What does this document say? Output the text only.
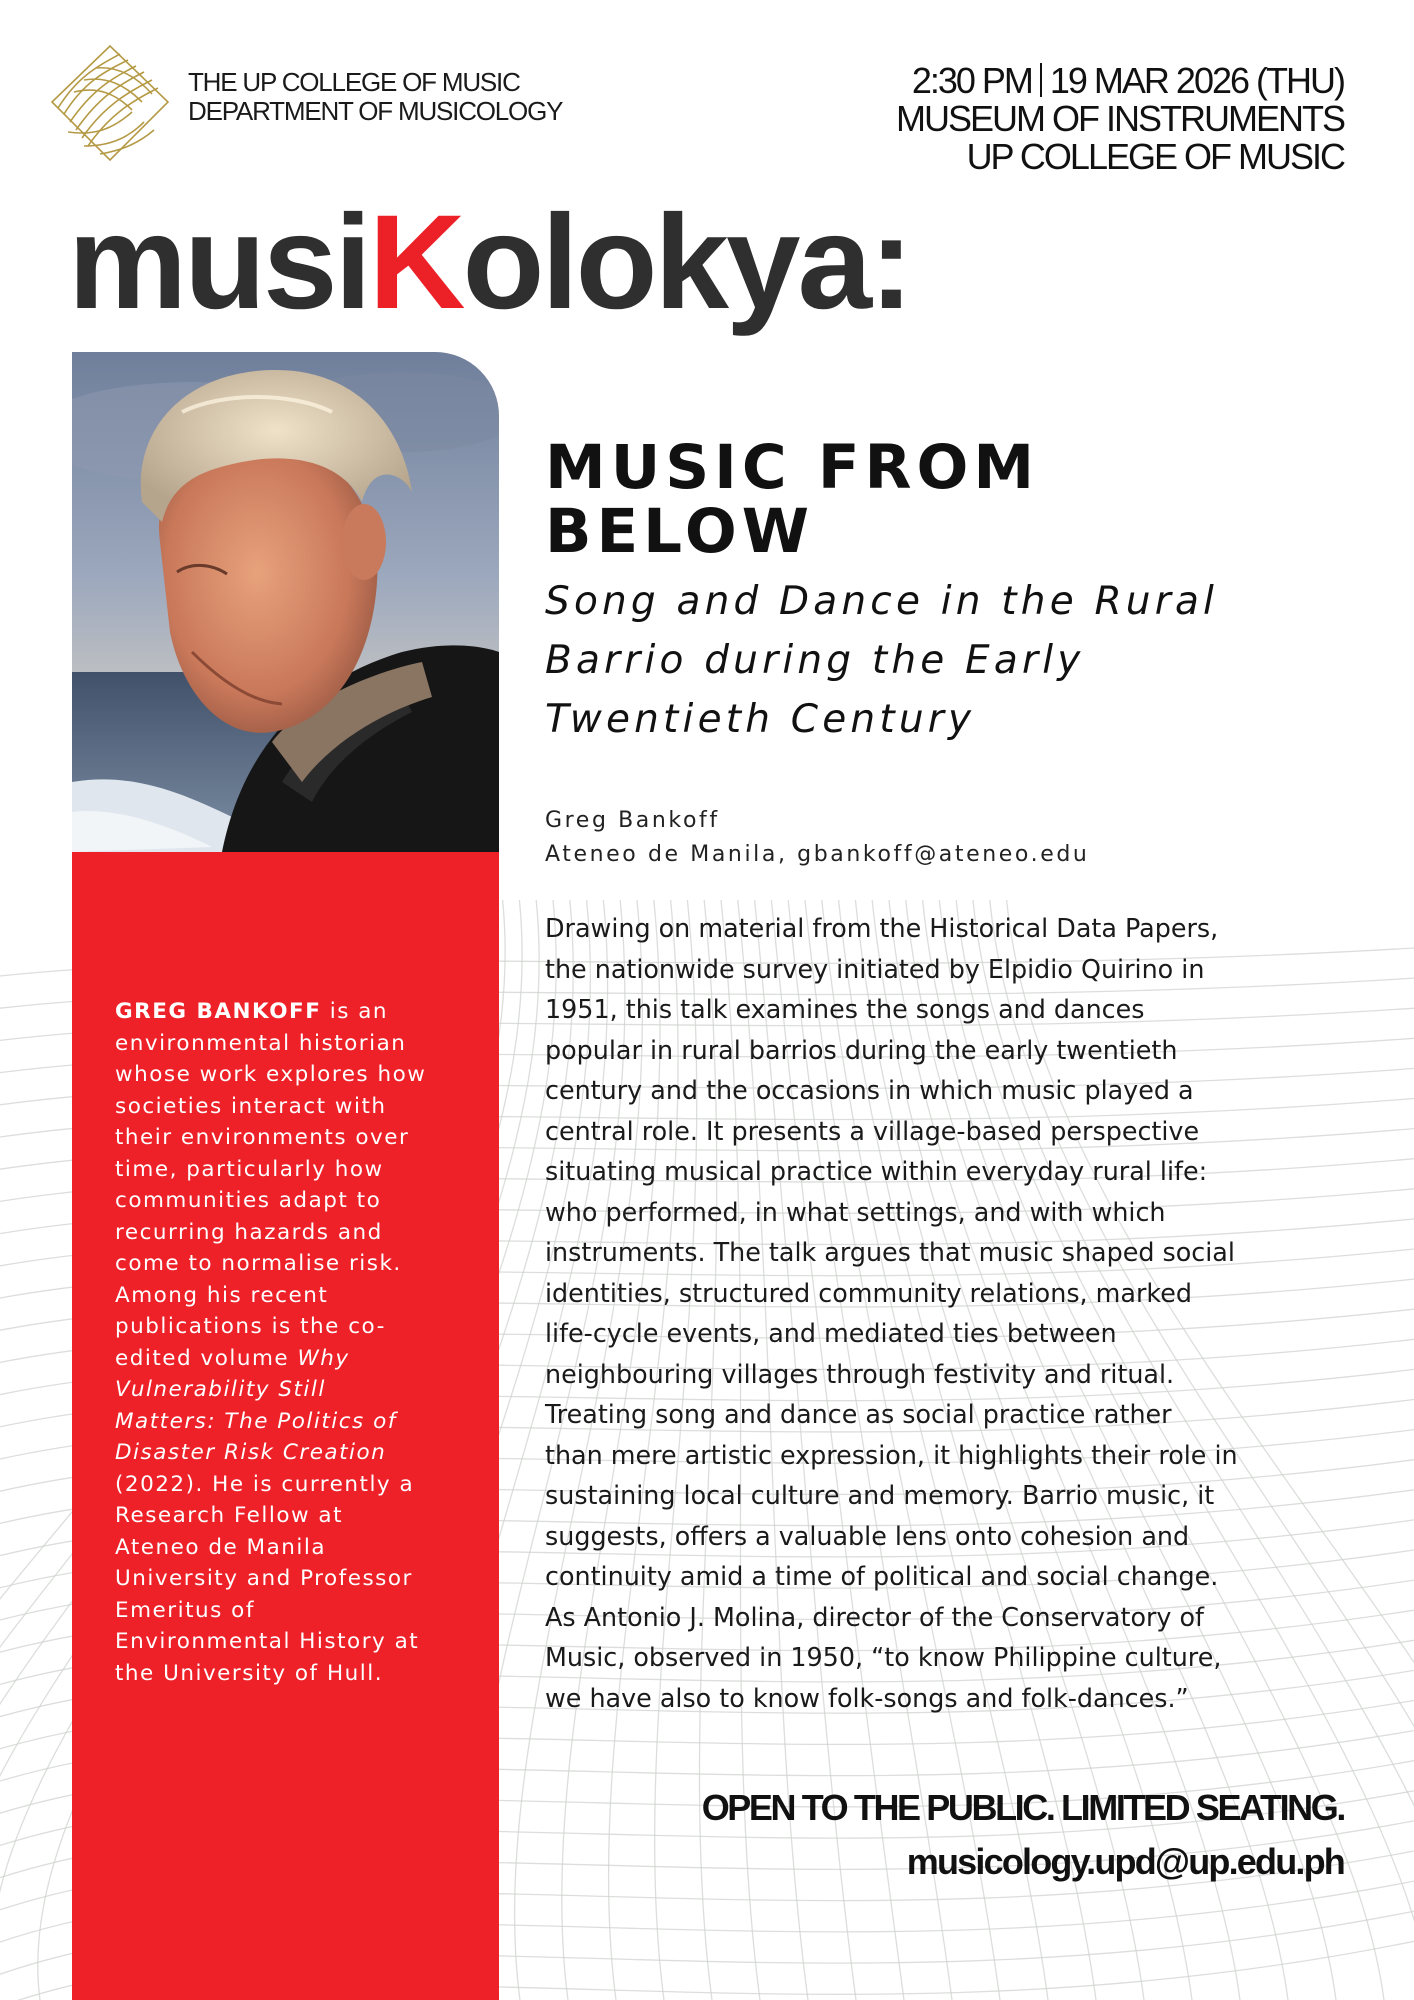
THE UP COLLEGE OF MUSIC
DEPARTMENT OF MUSICOLOGY
2:30 PM 19 MAR 2026 (THU)
MUSEUM OF INSTRUMENTS
UP COLLEGE OF MUSIC
musiKolokya:
GREG BANKOFF is an
environmental historian
whose work explores how
societies interact with
their environments over
time, particularly how
communities adapt to
recurring hazards and
come to normalise risk.
Among his recent
publications is the co-
edited volume Why
Vulnerability Still
Matters: The Politics of
Disaster Risk Creation
(2022). He is currently a
Research Fellow at
Ateneo de Manila
University and Professor
Emeritus of
Environmental History at
the University of Hull.
MUSIC FROM
BELOW
Song and Dance in the Rural
Barrio during the Early
Twentieth Century
Greg Bankoff
Ateneo de Manila, gbankoff@ateneo.edu
Drawing on material from the Historical Data Papers,
the nationwide survey initiated by Elpidio Quirino in
1951, this talk examines the songs and dances
popular in rural barrios during the early twentieth
century and the occasions in which music played a
central role. It presents a village-based perspective
situating musical practice within everyday rural life:
who performed, in what settings, and with which
instruments. The talk argues that music shaped social
identities, structured community relations, marked
life-cycle events, and mediated ties between
neighbouring villages through festivity and ritual.
Treating song and dance as social practice rather
than mere artistic expression, it highlights their role in
sustaining local culture and memory. Barrio music, it
suggests, offers a valuable lens onto cohesion and
continuity amid a time of political and social change.
As Antonio J. Molina, director of the Conservatory of
Music, observed in 1950, “to know Philippine culture,
we have also to know folk-songs and folk-dances.”
OPEN TO THE PUBLIC. LIMITED SEATING.
musicology.upd@up.edu.ph
